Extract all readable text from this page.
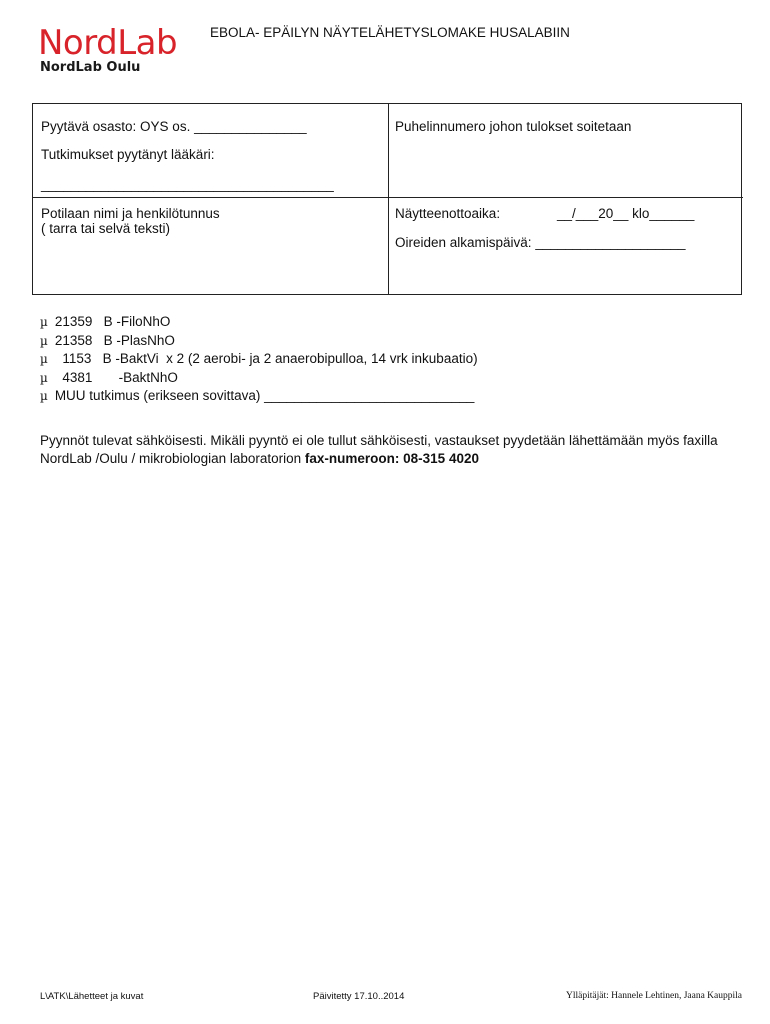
NordLab
NordLab Oulu
EBOLA- EPÄILYN NÄYTELÄHETYSLOMAKE HUSALABIIN
Pyytävä osasto: OYS os. _______________
Tutkimukset pyytänyt lääkäri:
_______________________________________
Puhelinnumero johon tulokset soitetaan
Potilaan nimi ja henkilötunnus
( tarra tai selvä teksti)
Näytteenottoaika:	__/___20__ klo______
Oireiden alkamispäivä: ____________________
µ 21359 B -FiloNhO
µ 21358 B -PlasNhO
µ  1153 B -BaktVi  x 2 (2 aerobi- ja 2 anaerobipulloa, 14 vrk inkubaatio)
µ  4381       -BaktNhO
µ MUU tutkimus (erikseen sovittava) ____________________________
Pyynnöt tulevat sähköisesti. Mikäli pyyntö ei ole tullut sähköisesti, vastaukset pyydetään lähettämään myös faxilla NordLab /Oulu / mikrobiologian laboratorion fax-numeroon: 08-315 4020
L\ATK\Lähetteet ja kuvat	Päivitetty 17.10..2014	Ylläpitäjät: Hannele Lehtinen, Jaana Kauppila
